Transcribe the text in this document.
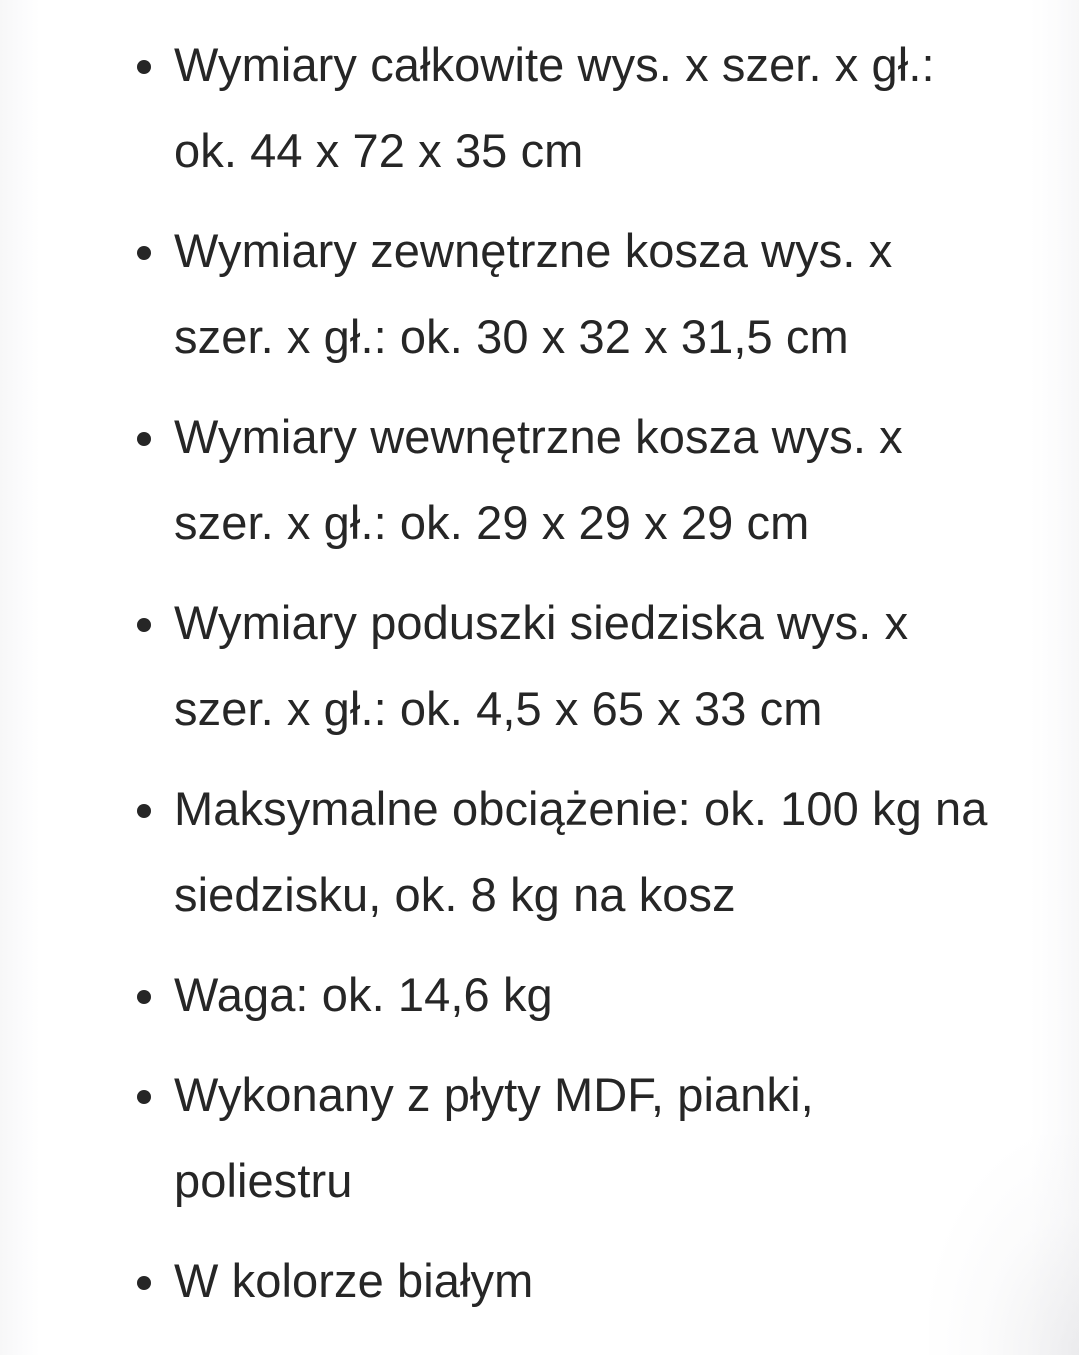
Wymiary całkowite wys. x szer. x gł.: ok. 44 x 72 x 35 cm
Wymiary zewnętrzne kosza wys. x szer. x gł.: ok. 30 x 32 x 31,5 cm
Wymiary wewnętrzne kosza wys. x szer. x gł.: ok. 29 x 29 x 29 cm
Wymiary poduszki siedziska wys. x szer. x gł.: ok. 4,5 x 65 x 33 cm
Maksymalne obciążenie: ok. 100 kg na siedzisku, ok. 8 kg na kosz
Waga: ok. 14,6 kg
Wykonany z płyty MDF, pianki, poliestru
W kolorze białym
